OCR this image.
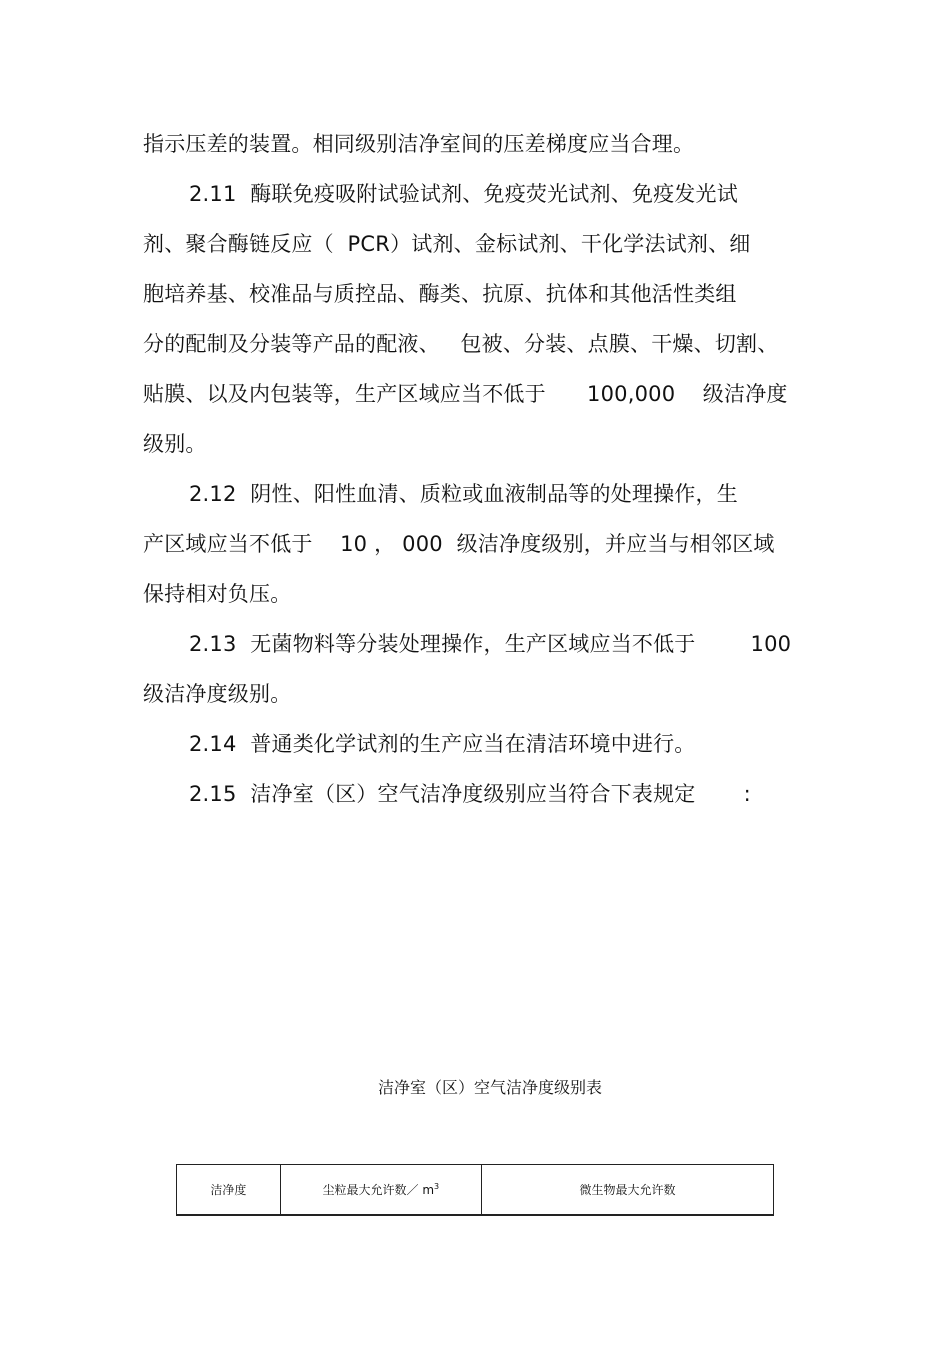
指示压差的装置。相同级别洁净室间的压差梯度应当合理。
2.11  酶联免疫吸附试验试剂、免疫荧光试剂、免疫发光试
剂、聚合酶链反应（  PCR）试剂、金标试剂、干化学法试剂、细
胞培养基、校准品与质控品、酶类、抗原、抗体和其他活性类组
分的配制及分装等产品的配液、   包被、分装、点膜、干燥、切割、
贴膜、以及内包装等，生产区域应当不低于      100,000    级洁净度
级别。
2.12  阴性、阳性血清、质粒或血液制品等的处理操作，生
产区域应当不低于    10 ， 000  级洁净度级别，并应当与相邻区域
保持相对负压。
2.13  无菌物料等分装处理操作，生产区域应当不低于        100
级洁净度级别。
2.14  普通类化学试剂的生产应当在清洁环境中进行。
2.15  洁净室（区）空气洁净度级别应当符合下表规定       :
洁净室（区）空气洁净度级别表
洁净度	尘粒最大允许数／ $m^3$	微生物最大允许数
